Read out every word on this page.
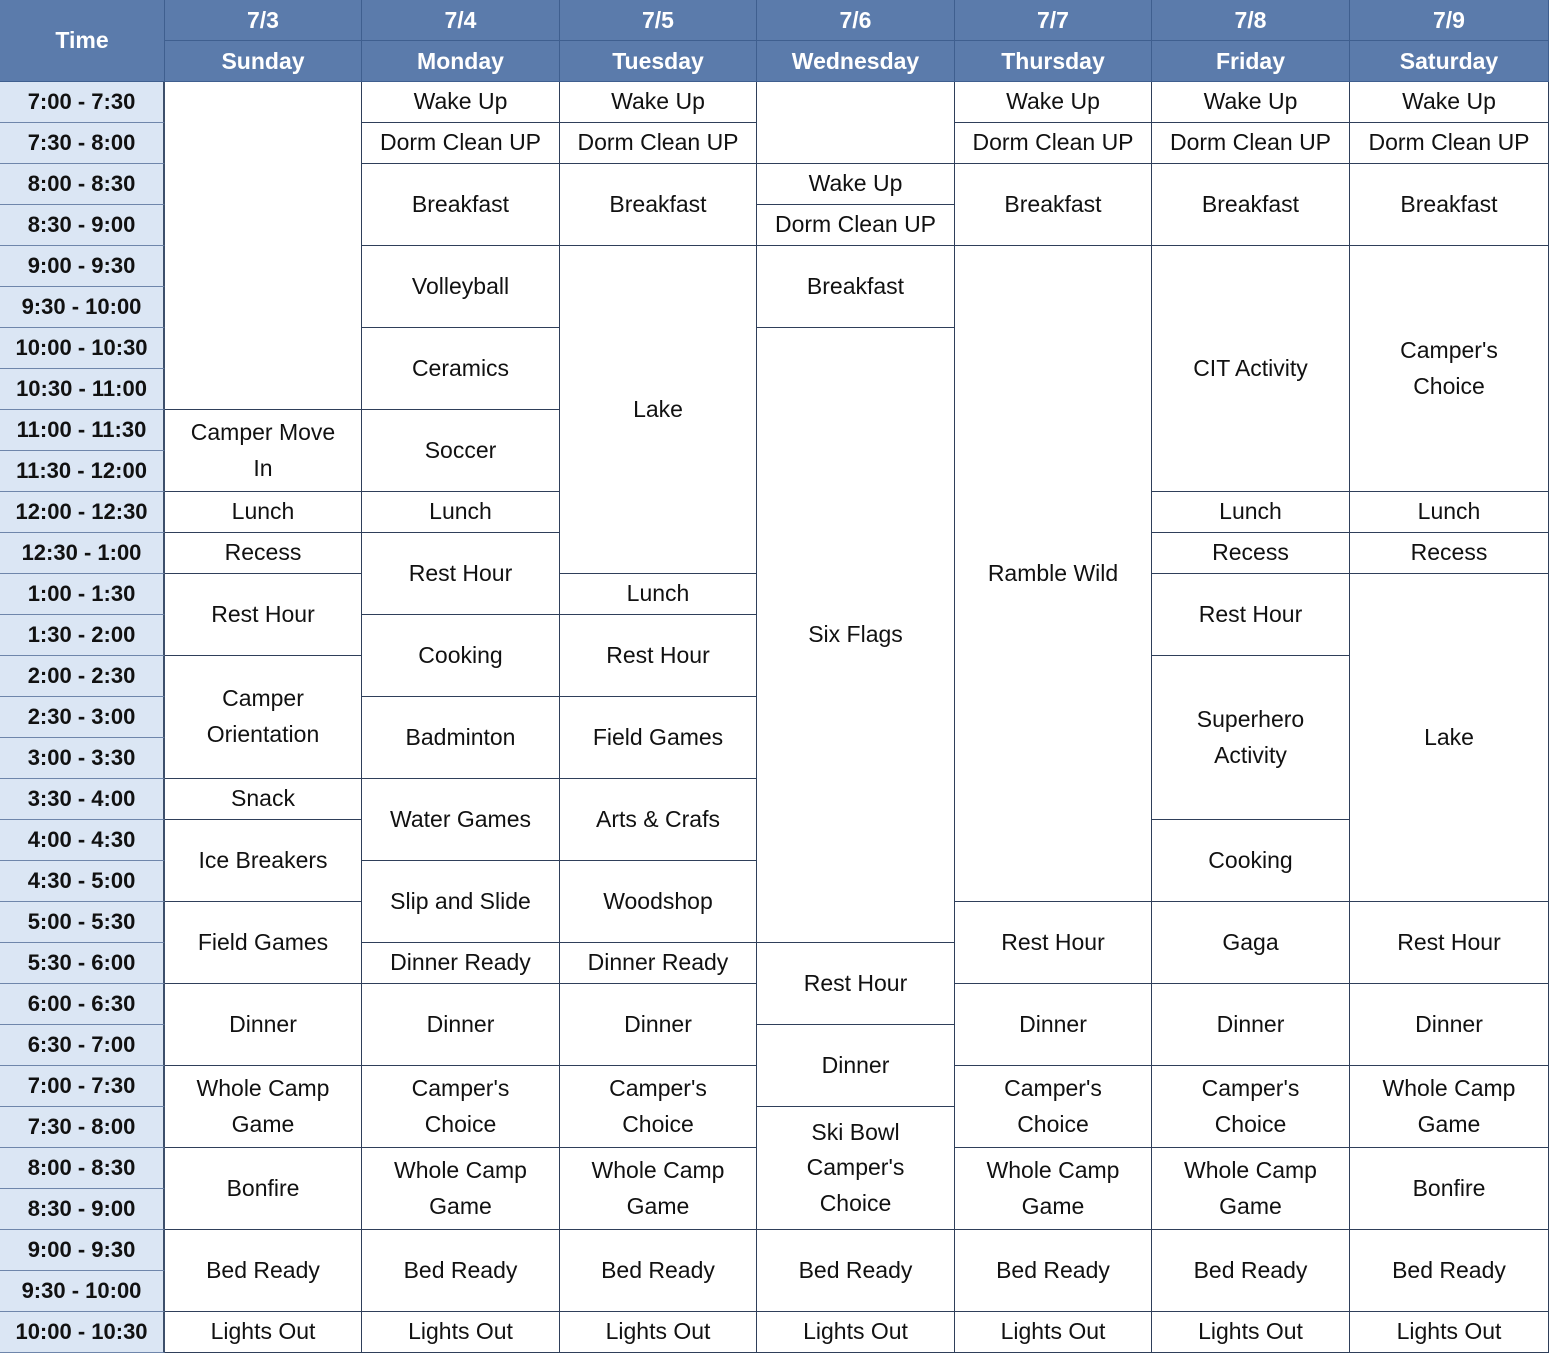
Time
7/3
Sunday
7/4
Monday
7/5
Tuesday
7/6
Wednesday
7/7
Thursday
7/8
Friday
7/9
Saturday
7:00 - 7:30
7:30 - 8:00
8:00 - 8:30
8:30 - 9:00
9:00 - 9:30
9:30 - 10:00
10:00 - 10:30
10:30 - 11:00
11:00 - 11:30
11:30 - 12:00
12:00 - 12:30
12:30 - 1:00
1:00 - 1:30
1:30 - 2:00
2:00 - 2:30
2:30 - 3:00
3:00 - 3:30
3:30 - 4:00
4:00 - 4:30
4:30 - 5:00
5:00 - 5:30
5:30 - 6:00
6:00 - 6:30
6:30 - 7:00
7:00 - 7:30
7:30 - 8:00
8:00 - 8:30
8:30 - 9:00
9:00 - 9:30
9:30 - 10:00
10:00 - 10:30
Camper Move
In
Lunch
Recess
Rest Hour
Camper
Orientation
Snack
Ice Breakers
Field Games
Dinner
Whole Camp
Game
Bonfire
Bed Ready
Lights Out
Wake Up
Dorm Clean UP
Breakfast
Volleyball
Ceramics
Soccer
Lunch
Rest Hour
Cooking
Badminton
Water Games
Slip and Slide
Dinner Ready
Dinner
Camper's
Choice
Whole Camp
Game
Bed Ready
Lights Out
Wake Up
Dorm Clean UP
Breakfast
Lake
Lunch
Rest Hour
Field Games
Arts & Crafs
Woodshop
Dinner Ready
Dinner
Camper's
Choice
Whole Camp
Game
Bed Ready
Lights Out
Wake Up
Dorm Clean UP
Breakfast
Six Flags
Rest Hour
Dinner
Ski Bowl
Camper's
Choice
Bed Ready
Lights Out
Wake Up
Dorm Clean UP
Breakfast
Ramble Wild
Rest Hour
Dinner
Camper's
Choice
Whole Camp
Game
Bed Ready
Lights Out
Wake Up
Dorm Clean UP
Breakfast
CIT Activity
Lunch
Recess
Rest Hour
Superhero
Activity
Cooking
Gaga
Dinner
Camper's
Choice
Whole Camp
Game
Bed Ready
Lights Out
Wake Up
Dorm Clean UP
Breakfast
Camper's
Choice
Lunch
Recess
Lake
Rest Hour
Dinner
Whole Camp
Game
Bonfire
Bed Ready
Lights Out
